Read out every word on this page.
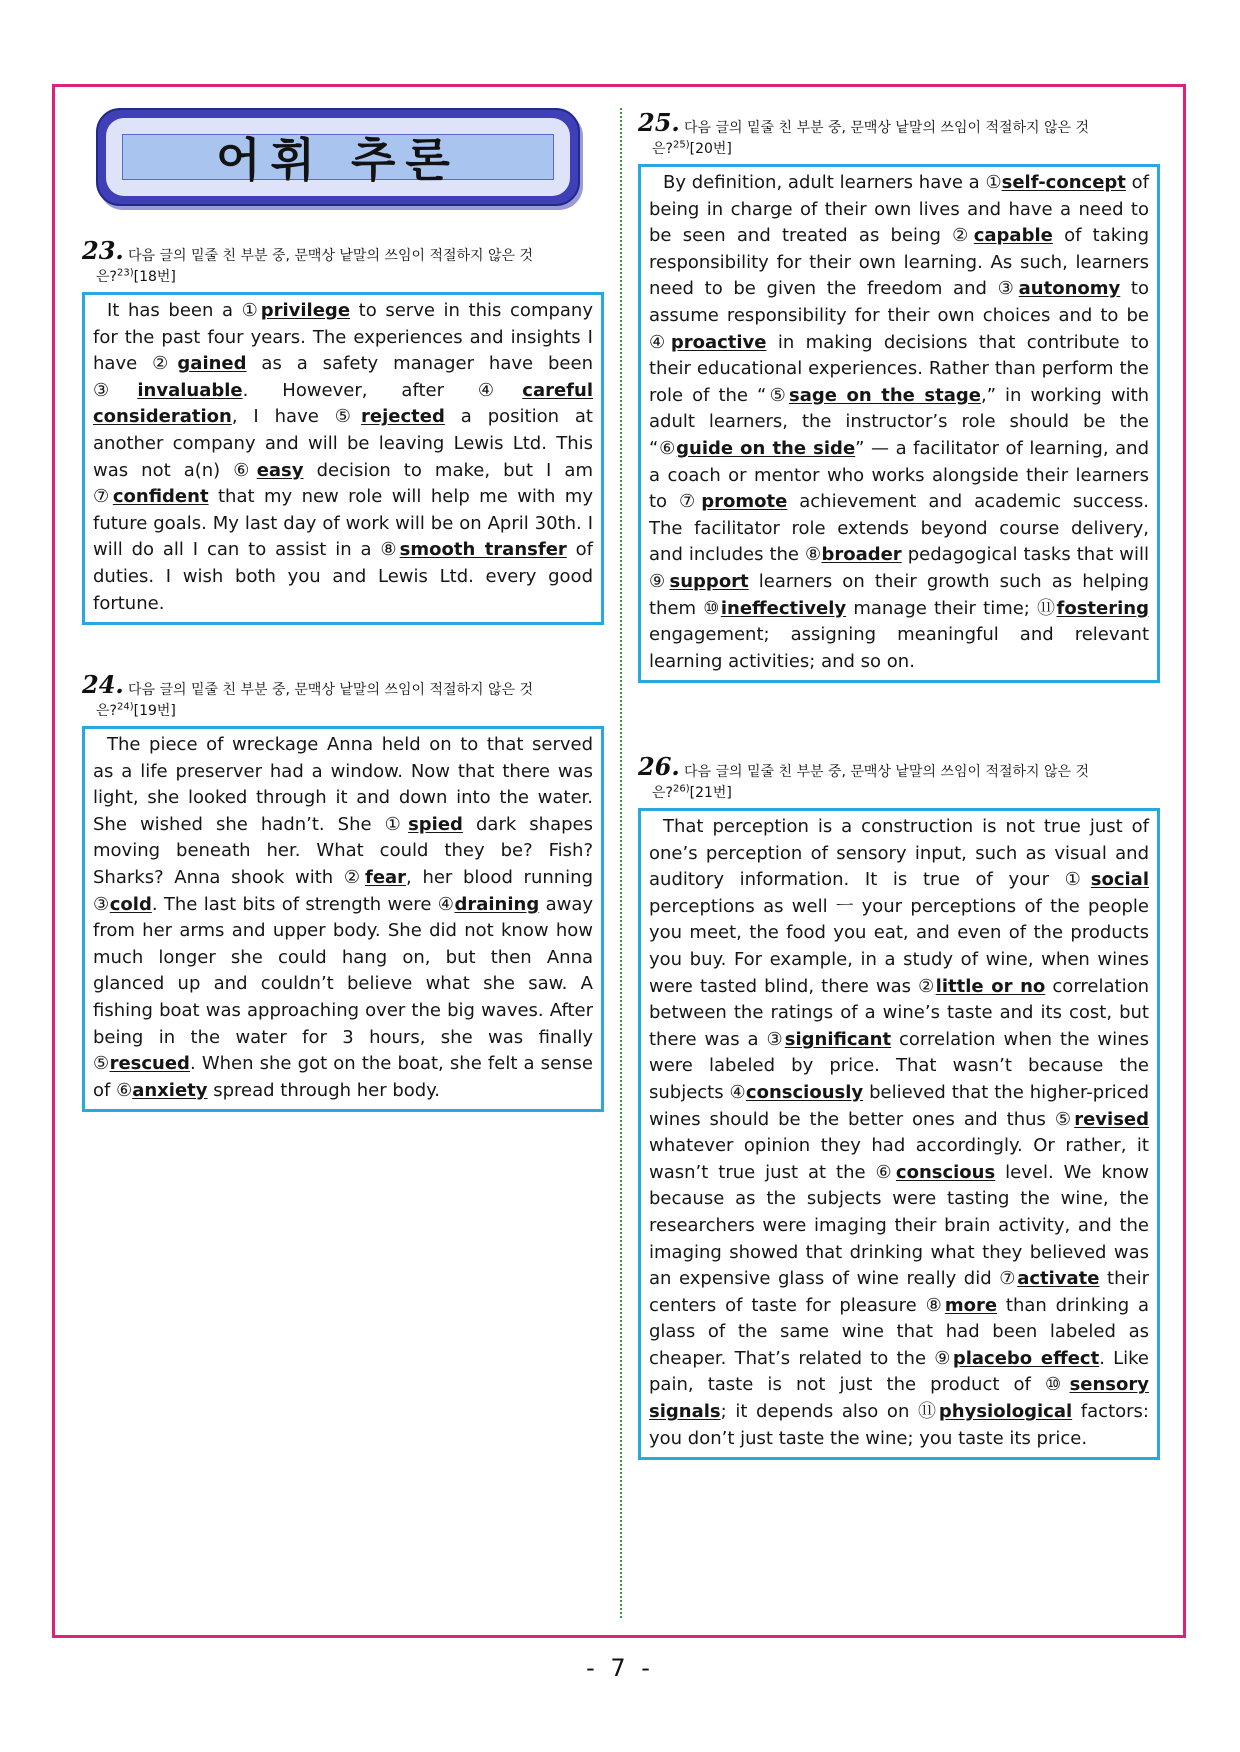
어휘 추론
23 . 다음 글의 밑줄 친 부분 중, 문맥상 낱말의 쓰임이 적절하지 않은 것
은?$^{23)}$[18번]

It has been a ①privilege to serve in this company for the past four years. The experiences and insights I have ②gained as a safety manager have been ③invaluable. However, after ④careful consideration, I have ⑤rejected a position at another company and will be leaving Lewis Ltd. This was not a(n) ⑥easy decision to make, but I am ⑦confident that my new role will help me with my future goals. My last day of work will be on April 30th. I will do all I can to assist in a ⑧smooth transfer of duties. I wish both you and Lewis Ltd. every good fortune.

24 . 다음 글의 밑줄 친 부분 중, 문맥상 낱말의 쓰임이 적절하지 않은 것
은?$^{24)}$[19번]

The piece of wreckage Anna held on to that served as a life preserver had a window. Now that there was light, she looked through it and down into the water. She wished she hadn’t. She ①spied dark shapes moving beneath her. What could they be? Fish? Sharks? Anna shook with ②fear, her blood running ③cold. The last bits of strength were ④draining away from her arms and upper body. She did not know how much longer she could hang on, but then Anna glanced up and couldn’t believe what she saw. A fishing boat was approaching over the big waves. After being in the water for 3 hours, she was finally ⑤rescued. When she got on the boat, she felt a sense of ⑥anxiety spread through her body.

25 . 다음 글의 밑줄 친 부분 중, 문맥상 낱말의 쓰임이 적절하지 않은 것
은?$^{25)}$[20번]

By definition, adult learners have a ①self-concept of being in charge of their own lives and have a need to be seen and treated as being ②capable of taking responsibility for their own learning. As such, learners need to be given the freedom and ③autonomy to assume responsibility for their own choices and to be ④proactive in making decisions that contribute to their educational experiences. Rather than perform the role of the “⑤sage on the stage,” in working with adult learners, the instructor’s role should be the “⑥guide on the side” — a facilitator of learning, and a coach or mentor who works alongside their learners to ⑦promote achievement and academic success. The facilitator role extends beyond course delivery, and includes the ⑧broader pedagogical tasks that will ⑨support learners on their growth such as helping them ⑩ineffectively manage their time; ⑪fostering engagement; assigning meaningful and relevant learning activities; and so on.

26 . 다음 글의 밑줄 친 부분 중, 문맥상 낱말의 쓰임이 적절하지 않은 것
은?$^{26)}$[21번]

That perception is a construction is not true just of one’s perception of sensory input, such as visual and auditory information. It is true of your ①social perceptions as well ㅡ your perceptions of the people you meet, the food you eat, and even of the products you buy. For example, in a study of wine, when wines were tasted blind, there was ②little or no correlation between the ratings of a wine’s taste and its cost, but there was a ③significant correlation when the wines were labeled by price. That wasn’t because the subjects ④consciously believed that the higher-priced wines should be the better ones and thus ⑤revised whatever opinion they had accordingly. Or rather, it wasn’t true just at the ⑥conscious level. We know because as the subjects were tasting the wine, the researchers were imaging their brain activity, and the imaging showed that drinking what they believed was an expensive glass of wine really did ⑦activate their centers of taste for pleasure ⑧more than drinking a glass of the same wine that had been labeled as cheaper. That’s related to the ⑨placebo effect. Like pain, taste is not just the product of ⑩sensory signals; it depends also on ⑪physiological factors: you don’t just taste the wine; you taste its price.

- 7 -
